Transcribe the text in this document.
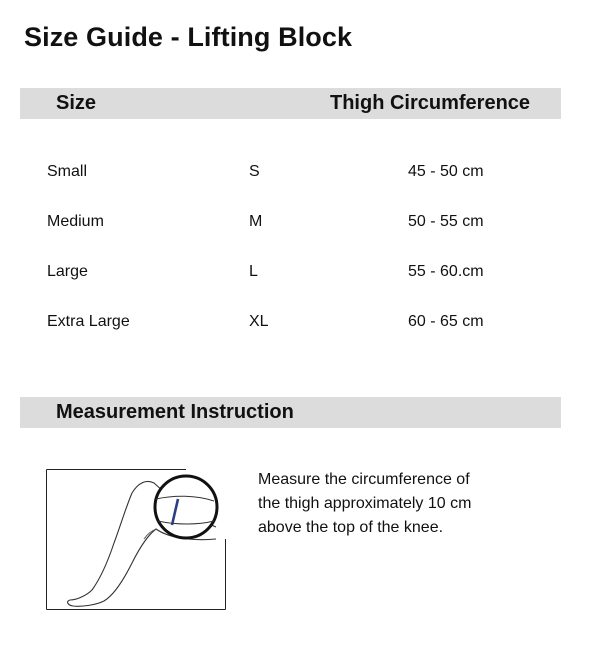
Size Guide - Lifting Block
Size	Thigh Circumference
Small	S	45 - 50 cm
Medium	M	50 - 55 cm
Large	L	55 - 60.cm
Extra Large	XL	60 - 65 cm
Measurement Instruction
Measure the circumference of
the thigh approximately 10 cm
above the top of the knee.
